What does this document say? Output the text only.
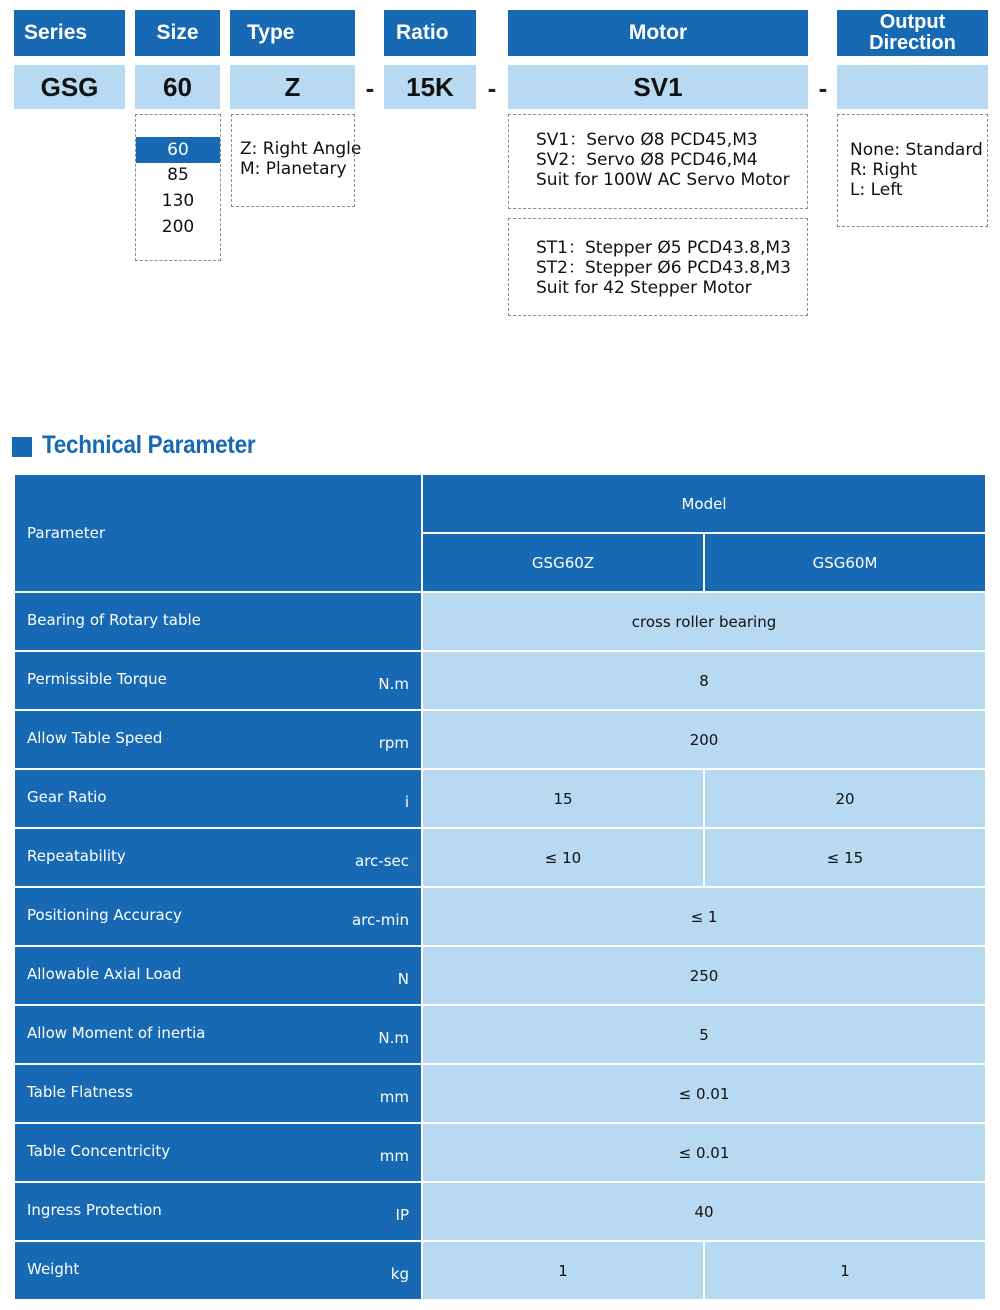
Series	Size	Type	Ratio	Motor	Output
Direction
GSG	60	Z	-	15K	-	SV1	-
60
85
130
200
Z: Right Angle
M: Planetary
SV1：Servo Ø8 PCD45,M3
SV2：Servo Ø8 PCD46,M4
Suit for 100W AC Servo Motor
ST1：Stepper Ø5 PCD43.8,M3
ST2：Stepper Ø6 PCD43.8,M3
Suit for 42 Stepper Motor
None: Standard
R: Right
L: Left
Technical Parameter
Parameter	Model	
	GSG60Z	GSG60M

Bearing of Rotary table	cross roller bearing	

Permissible Torque N.m	8	

Allow Table Speed rpm	200	

Gear Ratio i	15	20

Repeatability arc-sec	≤ 10	≤ 15

Positioning Accuracy arc-min	≤ 1	

Allowable Axial Load N	250	

Allow Moment of inertia N.m	5	

Table Flatness mm	≤ 0.01	

Table Concentricity mm	≤ 0.01	

Ingress Protection IP	40	

Weight kg	1	1
